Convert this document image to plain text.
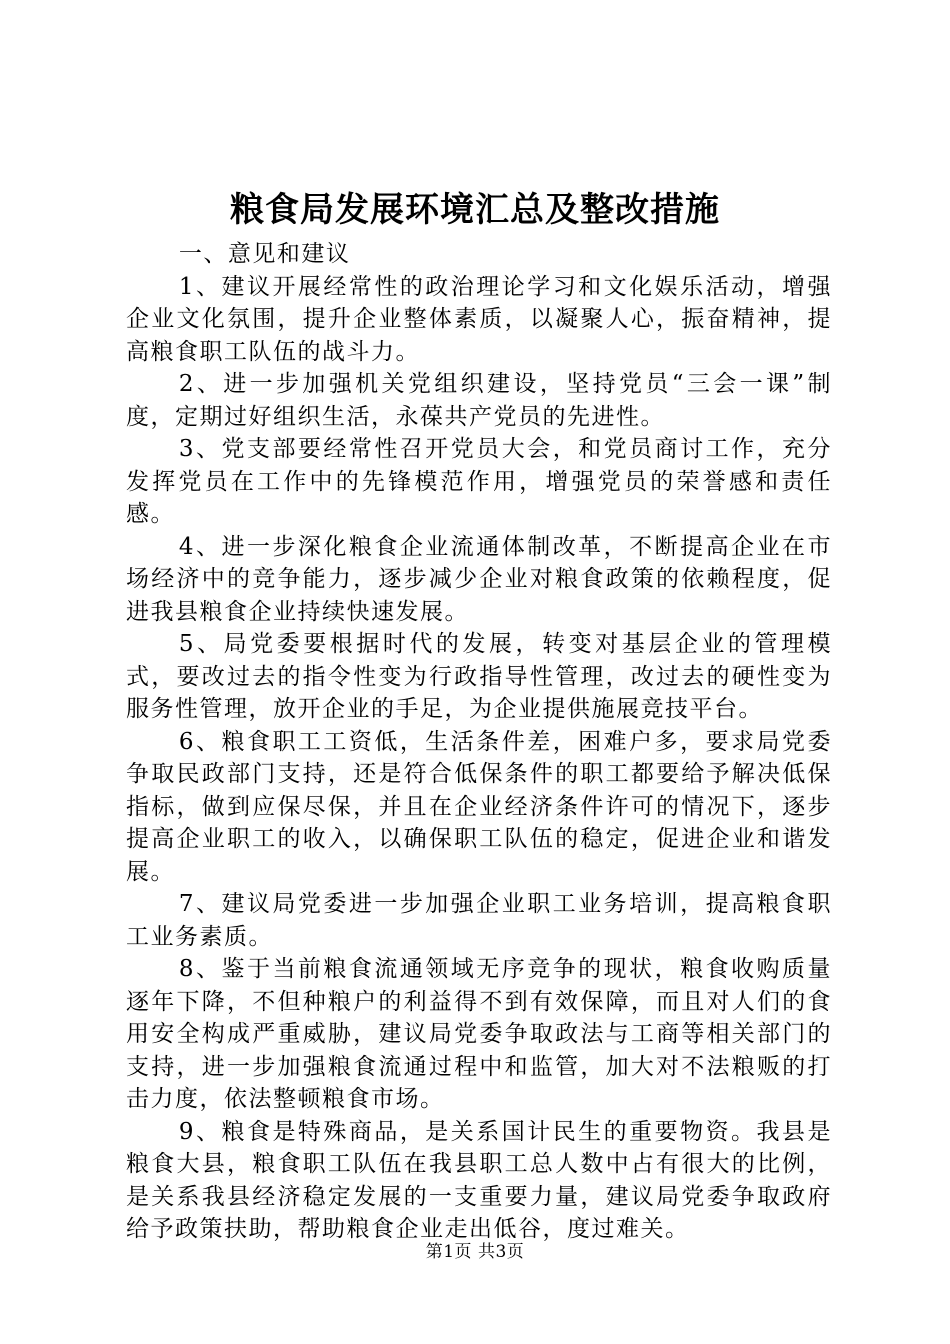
粮食局发展环境汇总及整改措施

一、意见和建议

1、建议开展经常性的政治理论学习和文化娱乐活动，增强企业文化氛围，提升企业整体素质，以凝聚人心，振奋精神，提高粮食职工队伍的战斗力。

2、进一步加强机关党组织建设，坚持党员“三会一课”制度，定期过好组织生活，永葆共产党员的先进性。

3、党支部要经常性召开党员大会，和党员商讨工作，充分发挥党员在工作中的先锋模范作用，增强党员的荣誉感和责任感。

4、进一步深化粮食企业流通体制改革，不断提高企业在市场经济中的竞争能力，逐步减少企业对粮食政策的依赖程度，促进我县粮食企业持续快速发展。

5、局党委要根据时代的发展，转变对基层企业的管理模式，要改过去的指令性变为行政指导性管理，改过去的硬性变为服务性管理，放开企业的手足，为企业提供施展竞技平台。

6、粮食职工工资低，生活条件差，困难户多，要求局党委争取民政部门支持，还是符合低保条件的职工都要给予解决低保指标，做到应保尽保，并且在企业经济条件许可的情况下，逐步提高企业职工的收入，以确保职工队伍的稳定，促进企业和谐发展。

7、建议局党委进一步加强企业职工业务培训，提高粮食职工业务素质。

8、鉴于当前粮食流通领域无序竞争的现状，粮食收购质量逐年下降，不但种粮户的利益得不到有效保障，而且对人们的食用安全构成严重威胁，建议局党委争取政法与工商等相关部门的支持，进一步加强粮食流通过程中和监管，加大对不法粮贩的打击力度，依法整顿粮食市场。

9、粮食是特殊商品，是关系国计民生的重要物资。我县是粮食大县，粮食职工队伍在我县职工总人数中占有很大的比例，是关系我县经济稳定发展的一支重要力量，建议局党委争取政府给予政策扶助，帮助粮食企业走出低谷，度过难关。

第1页 共3页
